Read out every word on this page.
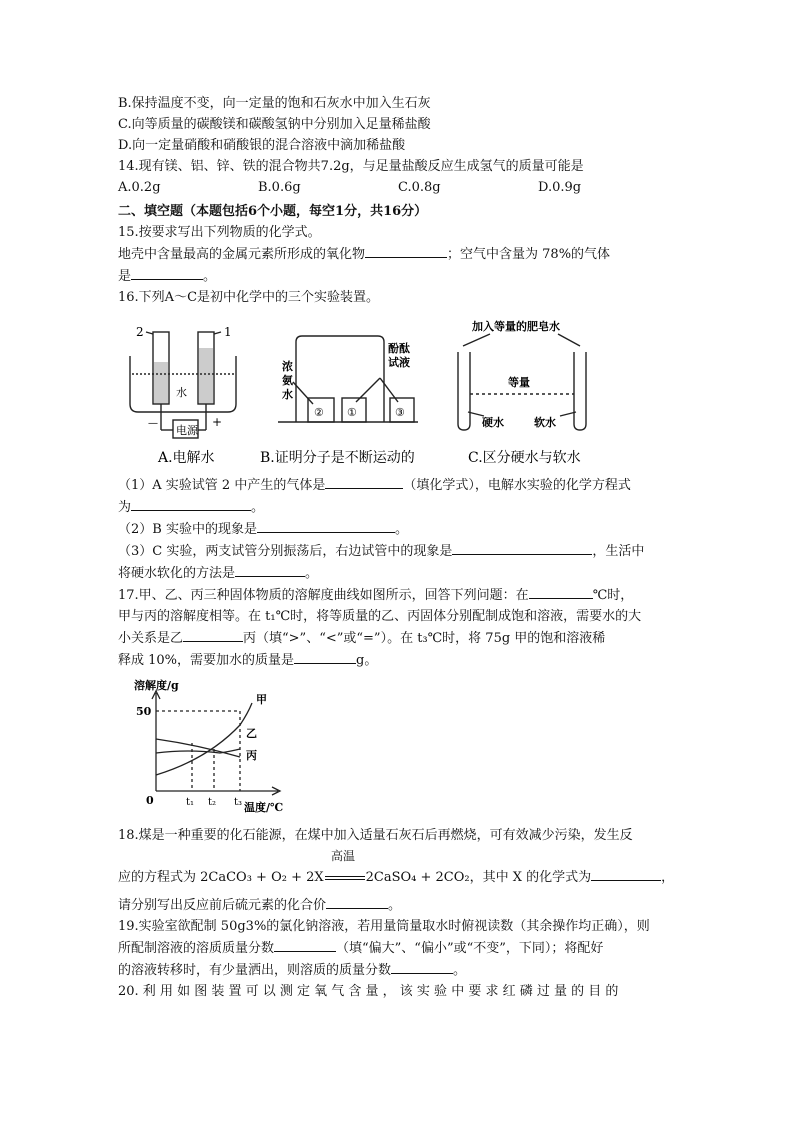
B.保持温度不变，向一定量的饱和石灰水中加入生石灰
C.向等质量的碳酸镁和碳酸氢钠中分别加入足量稀盐酸
D.向一定量硝酸和硝酸银的混合溶液中滴加稀盐酸
14.现有镁、铝、锌、铁的混合物共7.2g，与足量盐酸反应生成氢气的质量可能是
A.0.2g	B.0.6g	C.0.8g	D.0.9g
二、填空题（本题包括6个小题，每空1分，共16分）
15.按要求写出下列物质的化学式。
地壳中含量最高的金属元素所形成的氧化物	；空气中含量为 78%的气体
是	。
16.下列A～C是初中化学中的三个实验装置。
2	1
水
电源
—	+
浓
氨
水
酚酞
试液
② ①	③
加入等量的肥皂水
等量
硬水	软水
A.电解水	B.证明分子是不断运动的	C.区分硬水与软水
（1）A 实验试管 2 中产生的气体是	（填化学式），电解水实验的化学方程式
为	。
（2）B 实验中的现象是	。
（3）C 实验，两支试管分别振荡后，右边试管中的现象是	，生活中
将硬水软化的方法是	。
17.甲、乙、丙三种固体物质的溶解度曲线如图所示，回答下列问题：在	℃时，
甲与丙的溶解度相等。在 t₁℃时，将等质量的乙、丙固体分别配制成饱和溶液，需要水的大
小关系是乙	丙（填“>”、“<”或“=”）。在 t₃℃时，将 75g 甲的饱和溶液稀
释成 10%，需要加水的质量是	g。
溶解度/g
50
0	t₁ t₂ t₃ 温度/℃
甲
乙
丙
18.煤是一种重要的化石能源，在煤中加入适量石灰石后再燃烧，可有效减少污染，发生反
高温
应的方程式为 2CaCO₃ + O₂ + 2X	2CaSO₄ + 2CO₂，其中 X 的化学式为	，
请分别写出反应前后硫元素的化合价	。
19.实验室欲配制 50g3%的氯化钠溶液，若用量筒量取水时俯视读数（其余操作均正确），则
所配制溶液的溶质质量分数	（填“偏大”、“偏小”或“不变”，下同）；将配好
的溶液转移时，有少量洒出，则溶质的质量分数	。
20. 利 用 如 图 装 置 可 以 测 定 氧 气 含 量 ， 该 实 验 中 要 求 红 磷 过 量 的 目 的
